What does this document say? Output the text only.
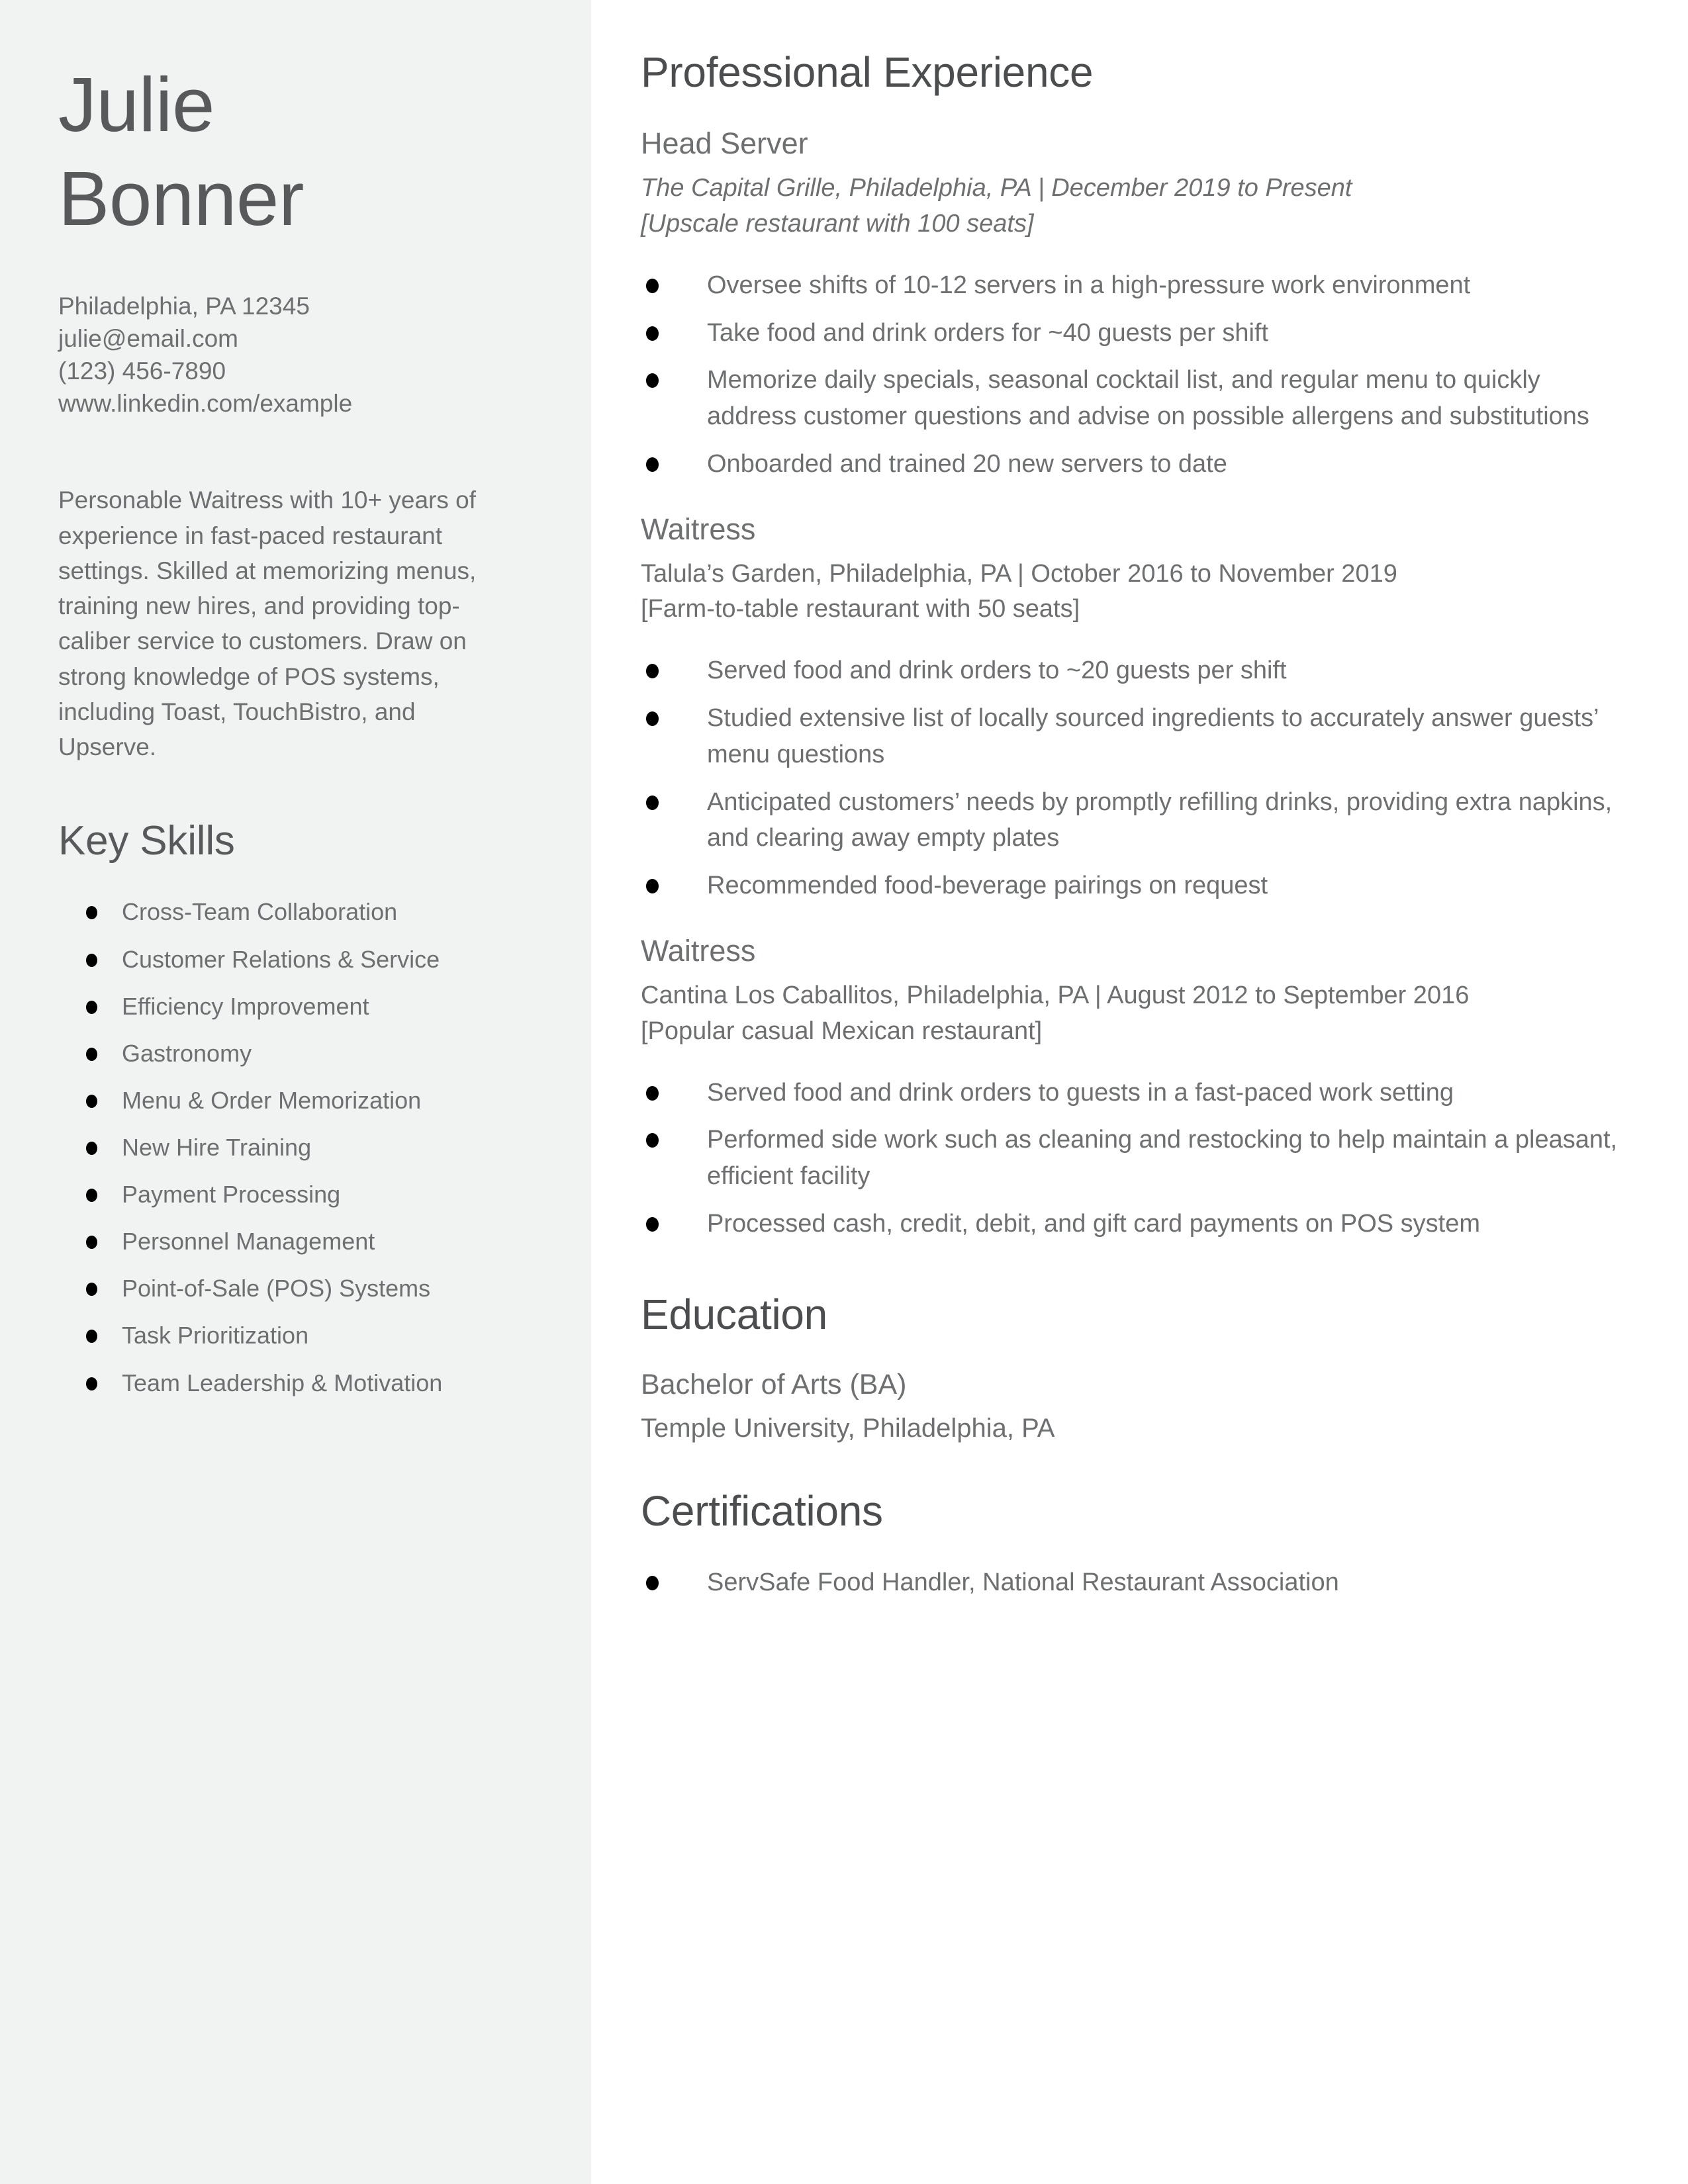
Julie
Bonner
Philadelphia, PA 12345
julie@email.com
(123) 456-7890
www.linkedin.com/example

Personable Waitress with 10+ years of experience in fast-paced restaurant settings. Skilled at memorizing menus, training new hires, and providing top-caliber service to customers. Draw on strong knowledge of POS systems, including Toast, TouchBistro, and Upserve.

Key Skills
Cross-Team Collaboration
Customer Relations & Service
Efficiency Improvement
Gastronomy
Menu & Order Memorization
New Hire Training
Payment Processing
Personnel Management
Point-of-Sale (POS) Systems
Task Prioritization
Team Leadership & Motivation
Professional Experience
Head Server
The Capital Grille, Philadelphia, PA | December 2019 to Present
[Upscale restaurant with 100 seats]
Oversee shifts of 10-12 servers in a high-pressure work environment
Take food and drink orders for ~40 guests per shift
Memorize daily specials, seasonal cocktail list, and regular menu to quickly address customer questions and advise on possible allergens and substitutions
Onboarded and trained 20 new servers to date
Waitress
Talula’s Garden, Philadelphia, PA | October 2016 to November 2019
[Farm-to-table restaurant with 50 seats]
Served food and drink orders to ~20 guests per shift
Studied extensive list of locally sourced ingredients to accurately answer guests’ menu questions
Anticipated customers’ needs by promptly refilling drinks, providing extra napkins, and clearing away empty plates
Recommended food-beverage pairings on request
Waitress
Cantina Los Caballitos, Philadelphia, PA | August 2012 to September 2016
[Popular casual Mexican restaurant]
Served food and drink orders to guests in a fast-paced work setting
Performed side work such as cleaning and restocking to help maintain a pleasant, efficient facility
Processed cash, credit, debit, and gift card payments on POS system
Education
Bachelor of Arts (BA)
Temple University, Philadelphia, PA
Certifications
ServSafe Food Handler, National Restaurant Association
